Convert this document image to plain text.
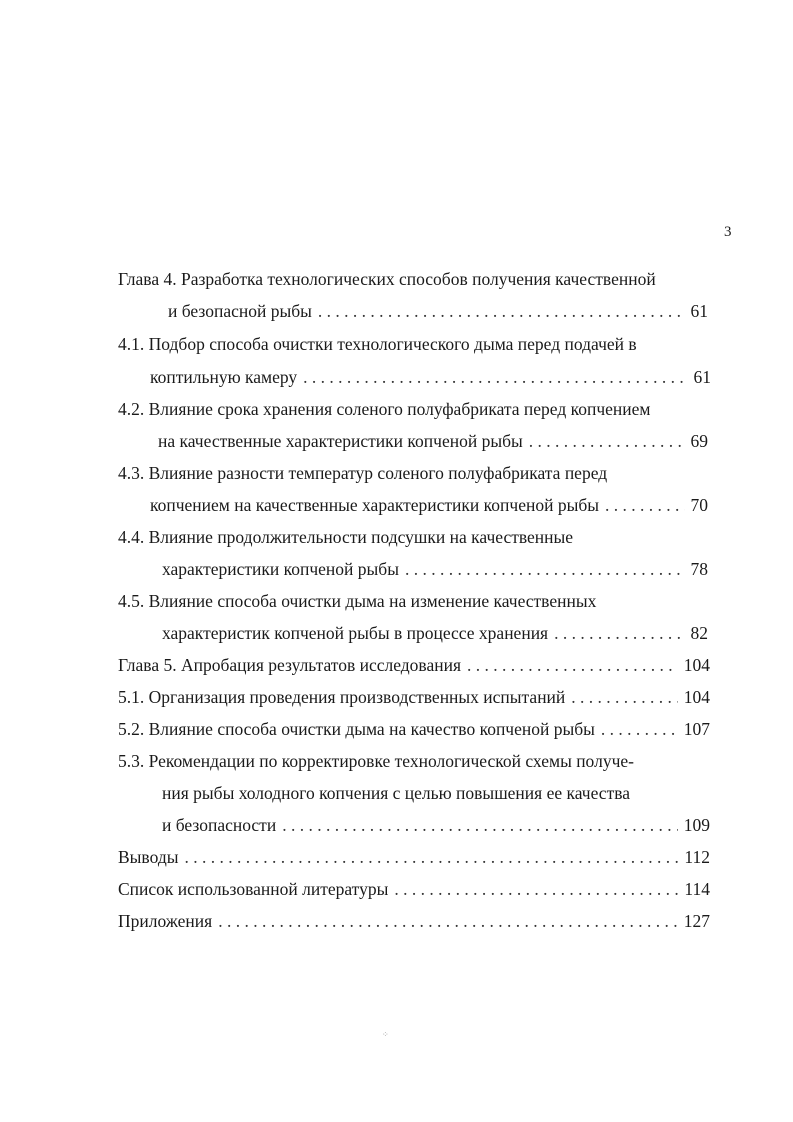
3
Глава 4. Разработка технологических способов получения качественной
и безопасной рыбы . . .	61
4.1. Подбор способа очистки технологического дыма перед подачей в
коптильную камеру . . .	61
4.2. Влияние срока хранения соленого полуфабриката перед копчением
на качественные характеристики копченой рыбы . . .	69
4.3. Влияние разности температур соленого полуфабриката перед
копчением на качественные характеристики копченой рыбы . . .	70
4.4. Влияние продолжительности подсушки на качественные
характеристики копченой рыбы . . .	78
4.5. Влияние способа очистки дыма на изменение качественных
характеристик копченой рыбы в процессе хранения . . .	82
Глава 5. Апробация результатов исследования . . .	104
5.1. Организация проведения производственных испытаний . . .	104
5.2. Влияние способа очистки дыма на качество копченой рыбы . . .	107
5.3. Рекомендации по корректировке технологической схемы получе-
ния рыбы холодного копчения с целью повышения ее качества
и безопасности . . .	109
Выводы . . .	112
Список использованной литературы . . .	114
Приложения . . .	127
⁘
